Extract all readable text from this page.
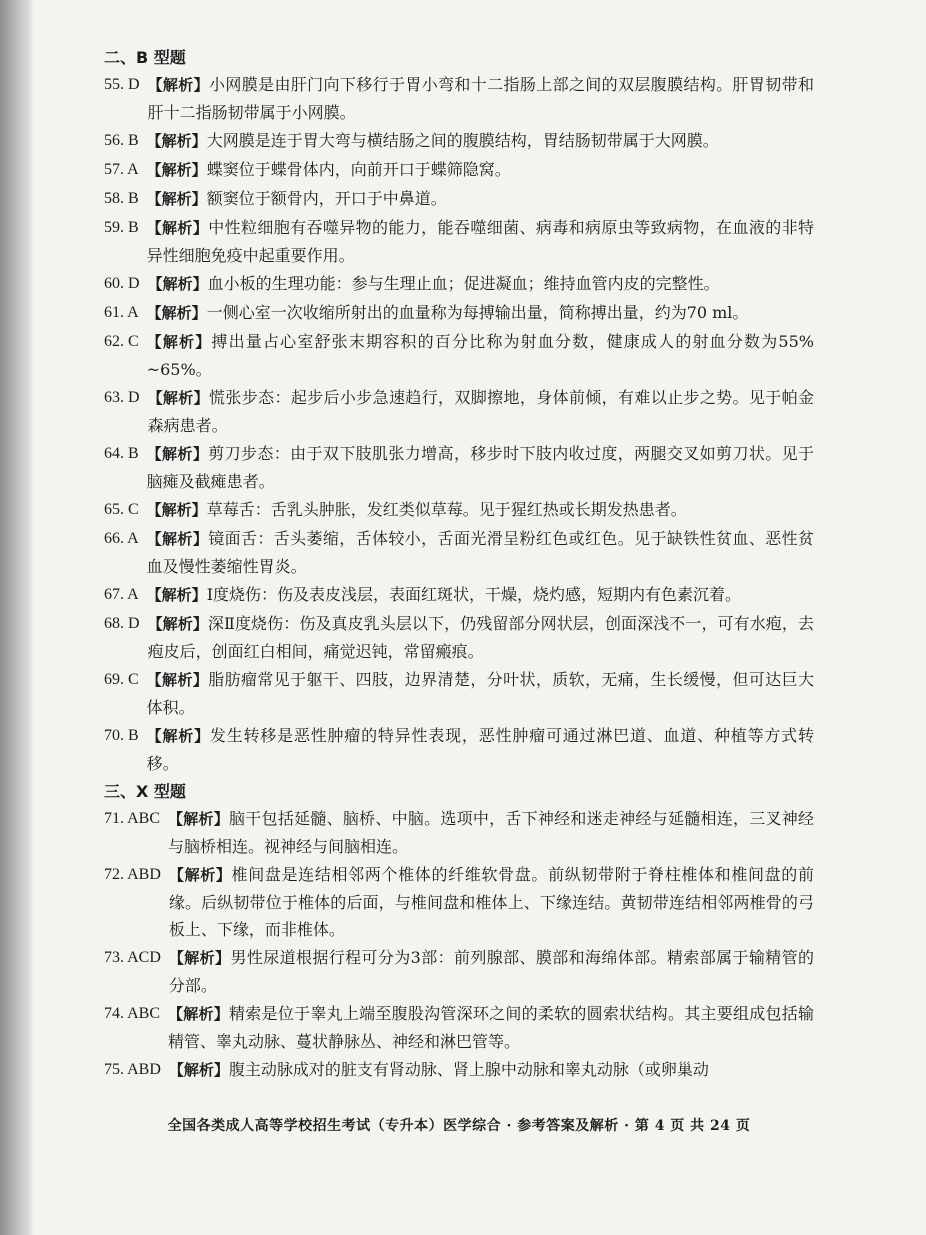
二、B 型题
55. D 【解析】小网膜是由肝门向下移行于胃小弯和十二指肠上部之间的双层腹膜结构。肝胃韧带和肝十二指肠韧带属于小网膜。
56. B 【解析】大网膜是连于胃大弯与横结肠之间的腹膜结构，胃结肠韧带属于大网膜。
57. A 【解析】蝶窦位于蝶骨体内，向前开口于蝶筛隐窝。
58. B 【解析】额窦位于额骨内，开口于中鼻道。
59. B 【解析】中性粒细胞有吞噬异物的能力，能吞噬细菌、病毒和病原虫等致病物，在血液的非特异性细胞免疫中起重要作用。
60. D 【解析】血小板的生理功能：参与生理止血；促进凝血；维持血管内皮的完整性。
61. A 【解析】一侧心室一次收缩所射出的血量称为每搏输出量，简称搏出量，约为70 ml。
62. C 【解析】搏出量占心室舒张末期容积的百分比称为射血分数，健康成人的射血分数为55% ~65%。
63. D 【解析】慌张步态：起步后小步急速趋行，双脚擦地，身体前倾，有难以止步之势。见于帕金森病患者。
64. B 【解析】剪刀步态：由于双下肢肌张力增高，移步时下肢内收过度，两腿交叉如剪刀状。见于脑瘫及截瘫患者。
65. C 【解析】草莓舌：舌乳头肿胀，发红类似草莓。见于猩红热或长期发热患者。
66. A 【解析】镜面舌：舌头萎缩，舌体较小，舌面光滑呈粉红色或红色。见于缺铁性贫血、恶性贫血及慢性萎缩性胃炎。
67. A 【解析】Ⅰ度烧伤：伤及表皮浅层，表面红斑状，干燥，烧灼感，短期内有色素沉着。
68. D 【解析】深Ⅱ度烧伤：伤及真皮乳头层以下，仍残留部分网状层，创面深浅不一，可有水疱，去疱皮后，创面红白相间，痛觉迟钝，常留瘢痕。
69. C 【解析】脂肪瘤常见于躯干、四肢，边界清楚，分叶状，质软，无痛，生长缓慢，但可达巨大体积。
70. B 【解析】发生转移是恶性肿瘤的特异性表现，恶性肿瘤可通过淋巴道、血道、种植等方式转移。
三、X 型题
71. ABC 【解析】脑干包括延髓、脑桥、中脑。选项中，舌下神经和迷走神经与延髓相连，三叉神经与脑桥相连。视神经与间脑相连。
72. ABD 【解析】椎间盘是连结相邻两个椎体的纤维软骨盘。前纵韧带附于脊柱椎体和椎间盘的前缘。后纵韧带位于椎体的后面，与椎间盘和椎体上、下缘连结。黄韧带连结相邻两椎骨的弓板上、下缘，而非椎体。
73. ACD 【解析】男性尿道根据行程可分为3部：前列腺部、膜部和海绵体部。精索部属于输精管的分部。
74. ABC 【解析】精索是位于睾丸上端至腹股沟管深环之间的柔软的圆索状结构。其主要组成包括输精管、睾丸动脉、蔓状静脉丛、神经和淋巴管等。
75. ABD 【解析】腹主动脉成对的脏支有肾动脉、肾上腺中动脉和睾丸动脉（或卵巢动
全国各类成人高等学校招生考试（专升本）医学综合 · 参考答案及解析 · 第 4 页 共 24 页
